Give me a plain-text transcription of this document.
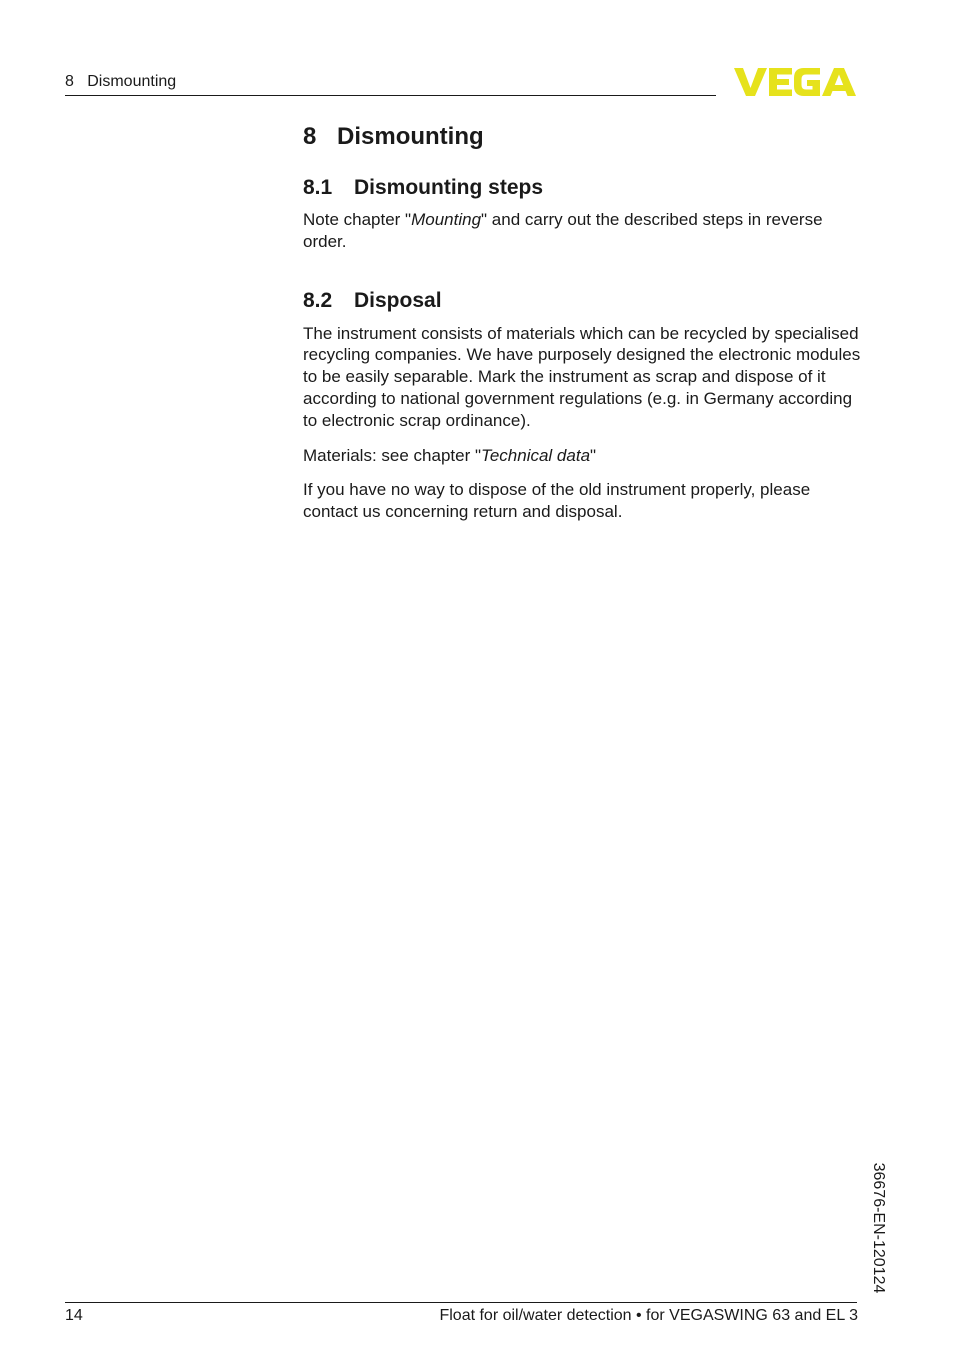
8   Dismounting
8 Dismounting
8.1 Dismounting steps

Note chapter "Mounting" and carry out the described steps in reverse order.

8.2 Disposal

The instrument consists of materials which can be recycled by specialised recycling companies. We have purposely designed the electronic modules to be easily separable. Mark the instrument as scrap and dispose of it according to national government regulations (e.g. in Germany according to electronic scrap ordinance).

Materials: see chapter "Technical data"

If you have no way to dispose of the old instrument properly, please contact us concerning return and disposal.

36676-EN-120124
14	Float for oil/water detection • for VEGASWING 63 and EL 3
